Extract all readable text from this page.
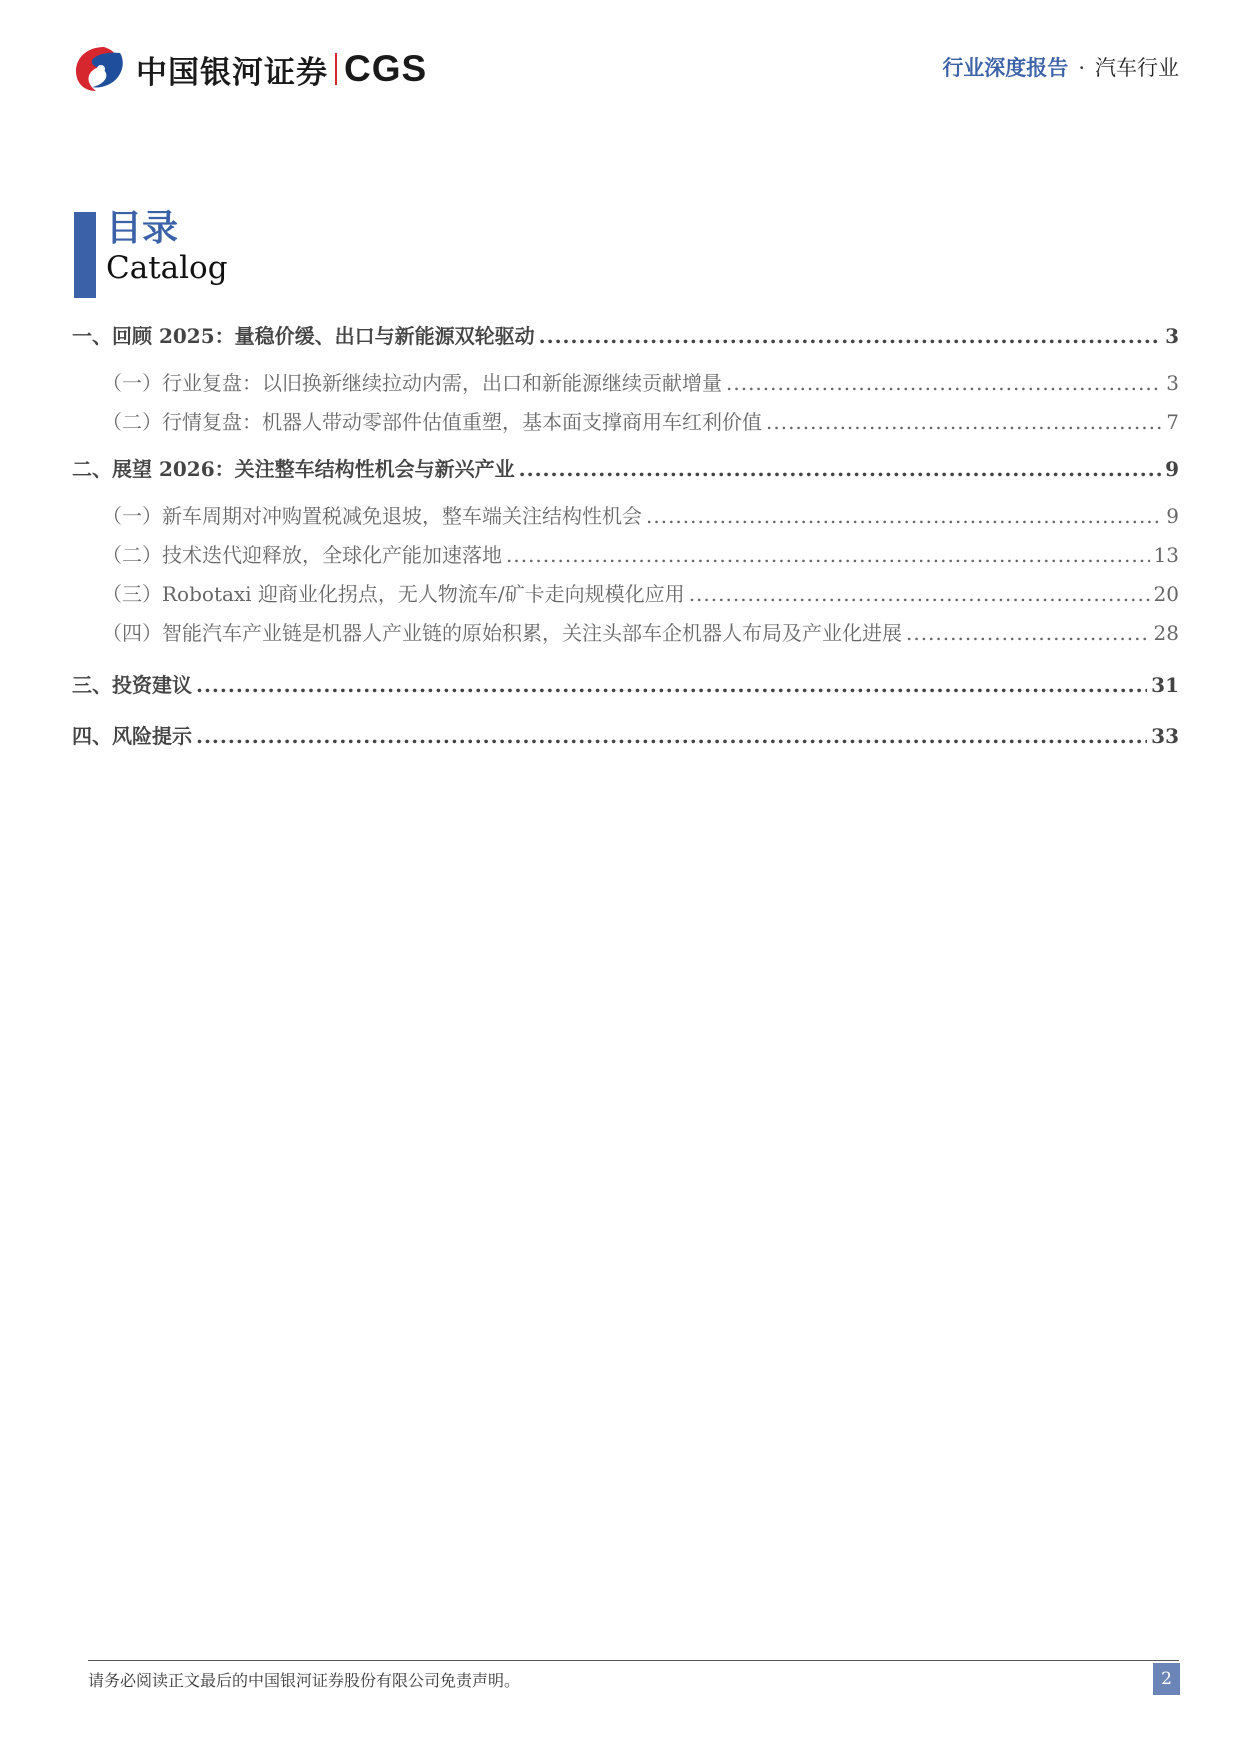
中国银河证券 CGS	行业深度报告 · 汽车行业
目录
Catalog
一、 回顾 2025：量稳价缓、出口与新能源双轮驱动 .....	3
（一） 行业复盘：以旧换新继续拉动内需，出口和新能源继续贡献增量 .....	3
（二） 行情复盘：机器人带动零部件估值重塑，基本面支撑商用车红利价值 .....	7
二、 展望 2026：关注整车结构性机会与新兴产业 .....	9
（一） 新车周期对冲购置税减免退坡，整车端关注结构性机会 .....	9
（二） 技术迭代迎释放，全球化产能加速落地 .....	13
（三） Robotaxi 迎商业化拐点，无人物流车/矿卡走向规模化应用 .....	20
（四） 智能汽车产业链是机器人产业链的原始积累，关注头部车企机器人布局及产业化进展 .....	28
三、 投资建议 .....	31
四、 风险提示 .....	33
请务必阅读正文最后的中国银河证券股份有限公司免责声明。	2
